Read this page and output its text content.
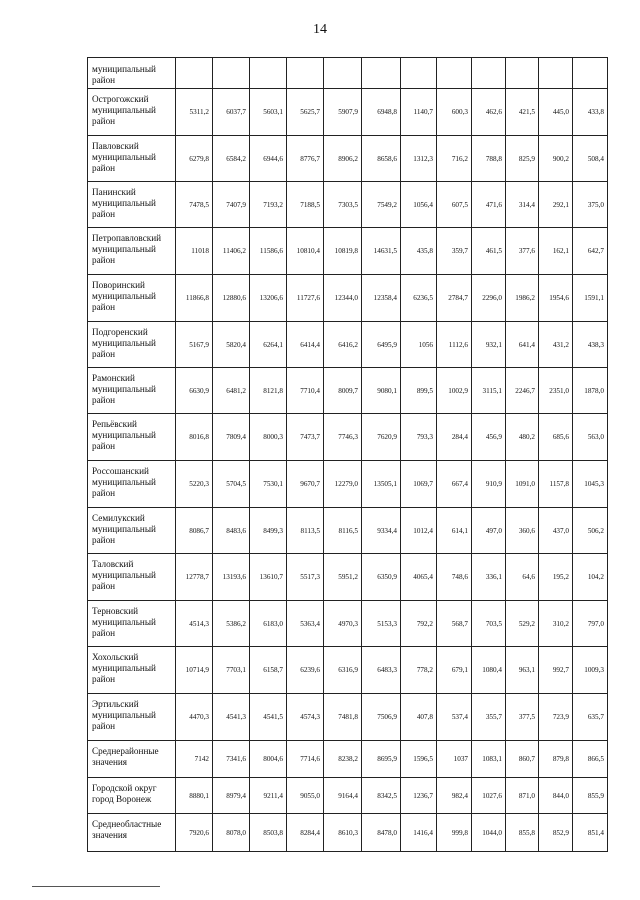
14
муниципальный район												
Острогожский муниципальный район	5311,2	6037,7	5603,1	5625,7	5907,9	6948,8	1140,7	600,3	462,6	421,5	445,0	433,8
Павловский муниципальный район	6279,8	6584,2	6944,6	8776,7	8906,2	8658,6	1312,3	716,2	788,8	825,9	900,2	508,4
Панинский муниципальный район	7478,5	7407,9	7193,2	7188,5	7303,5	7549,2	1056,4	607,5	471,6	314,4	292,1	375,0
Петропавловский муниципальный район	11018	11406,2	11586,6	10810,4	10819,8	14631,5	435,8	359,7	461,5	377,6	162,1	642,7
Поворинский муниципальный район	11866,8	12880,6	13206,6	11727,6	12344,0	12358,4	6236,5	2784,7	2296,0	1986,2	1954,6	1591,1
Подгоренский муниципальный район	5167,9	5820,4	6264,1	6414,4	6416,2	6495,9	1056	1112,6	932,1	641,4	431,2	438,3
Рамонский муниципальный район	6630,9	6481,2	8121,8	7710,4	8009,7	9080,1	899,5	1002,9	3115,1	2246,7	2351,0	1878,0
Репьёвский муниципальный район	8016,8	7809,4	8000,3	7473,7	7746,3	7620,9	793,3	284,4	456,9	480,2	685,6	563,0
Россошанский муниципальный район	5220,3	5704,5	7530,1	9670,7	12279,0	13505,1	1069,7	667,4	910,9	1091,0	1157,8	1045,3
Семилукский муниципальный район	8086,7	8483,6	8499,3	8113,5	8116,5	9334,4	1012,4	614,1	497,0	360,6	437,0	506,2
Таловский муниципальный район	12778,7	13193,6	13610,7	5517,3	5951,2	6350,9	4065,4	748,6	336,1	64,6	195,2	104,2
Терновский муниципальный район	4514,3	5386,2	6183,0	5363,4	4970,3	5153,3	792,2	568,7	703,5	529,2	310,2	797,0
Хохольский муниципальный район	10714,9	7703,1	6158,7	6239,6	6316,9	6483,3	778,2	679,1	1080,4	963,1	992,7	1009,3
Эртильский муниципальный район	4470,3	4541,3	4541,5	4574,3	7481,8	7506,9	407,8	537,4	355,7	377,5	723,9	635,7
Среднерайонные значения	7142	7341,6	8004,6	7714,6	8238,2	8695,9	1596,5	1037	1083,1	860,7	879,8	866,5
Городской округ город Воронеж	8880,1	8979,4	9211,4	9055,0	9164,4	8342,5	1236,7	982,4	1027,6	871,0	844,0	855,9
Среднеобластные значения	7920,6	8078,0	8503,8	8284,4	8610,3	8478,0	1416,4	999,8	1044,0	855,8	852,9	851,4
